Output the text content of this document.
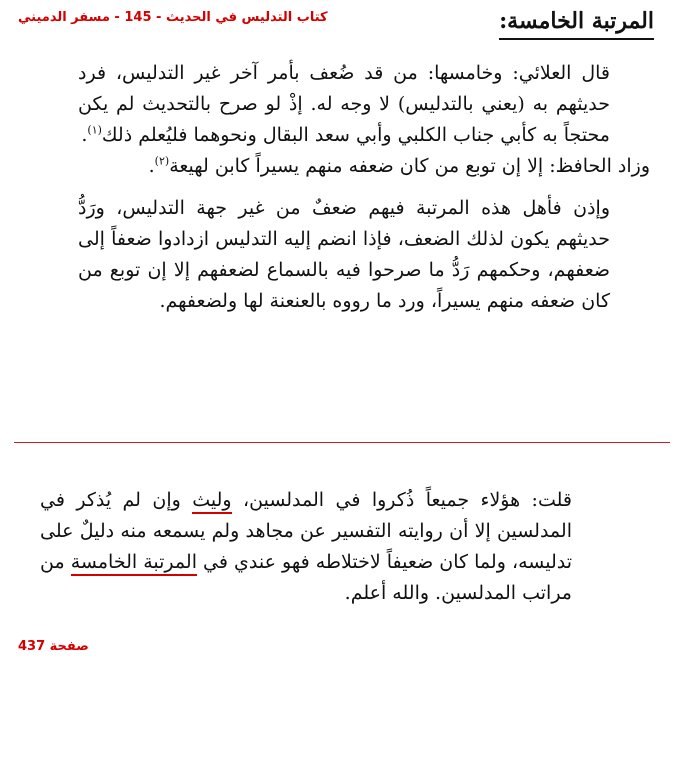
كتاب التدليس في الحديث - 145 - مسفر الدميني	المرتبة الخامسة:

قال العلائي: وخامسها: من قد ضُعف بأمر آخر غير التدليس، فرد حديثهم به (يعني بالتدليس) لا وجه له. إذْ لو صرح بالتحديث لم يكن محتجاً به كأبي جناب الكلبي وأبي سعد البقال ونحوهما فليُعلم ذلك$^{(١)}$.

وزاد الحافظ: إلا إن توبع من كان ضعفه منهم يسيراً كابن لهيعة$^{(٢)}$.

وإذن فأهل هذه المرتبة فيهم ضعفٌ من غير جهة التدليس، ورَدُّ حديثهم يكون لذلك الضعف، فإذا انضم إليه التدليس ازدادوا ضعفاً إلى ضعفهم، وحكمهم رَدُّ ما صرحوا فيه بالسماع لضعفهم إلا إن توبع من كان ضعفه منهم يسيراً، ورد ما رووه بالعنعنة لها ولضعفهم.

قلت: هؤلاء جميعاً ذُكروا في المدلسين، وليث وإن لم يُذكر في المدلسين إلا أن روايته التفسير عن مجاهد ولم يسمعه منه دليلٌ على تدليسه، ولما كان ضعيفاً لاختلاطه فهو عندي في المرتبة الخامسة من مراتب المدلسين. والله أعلم.

صفحة 437
